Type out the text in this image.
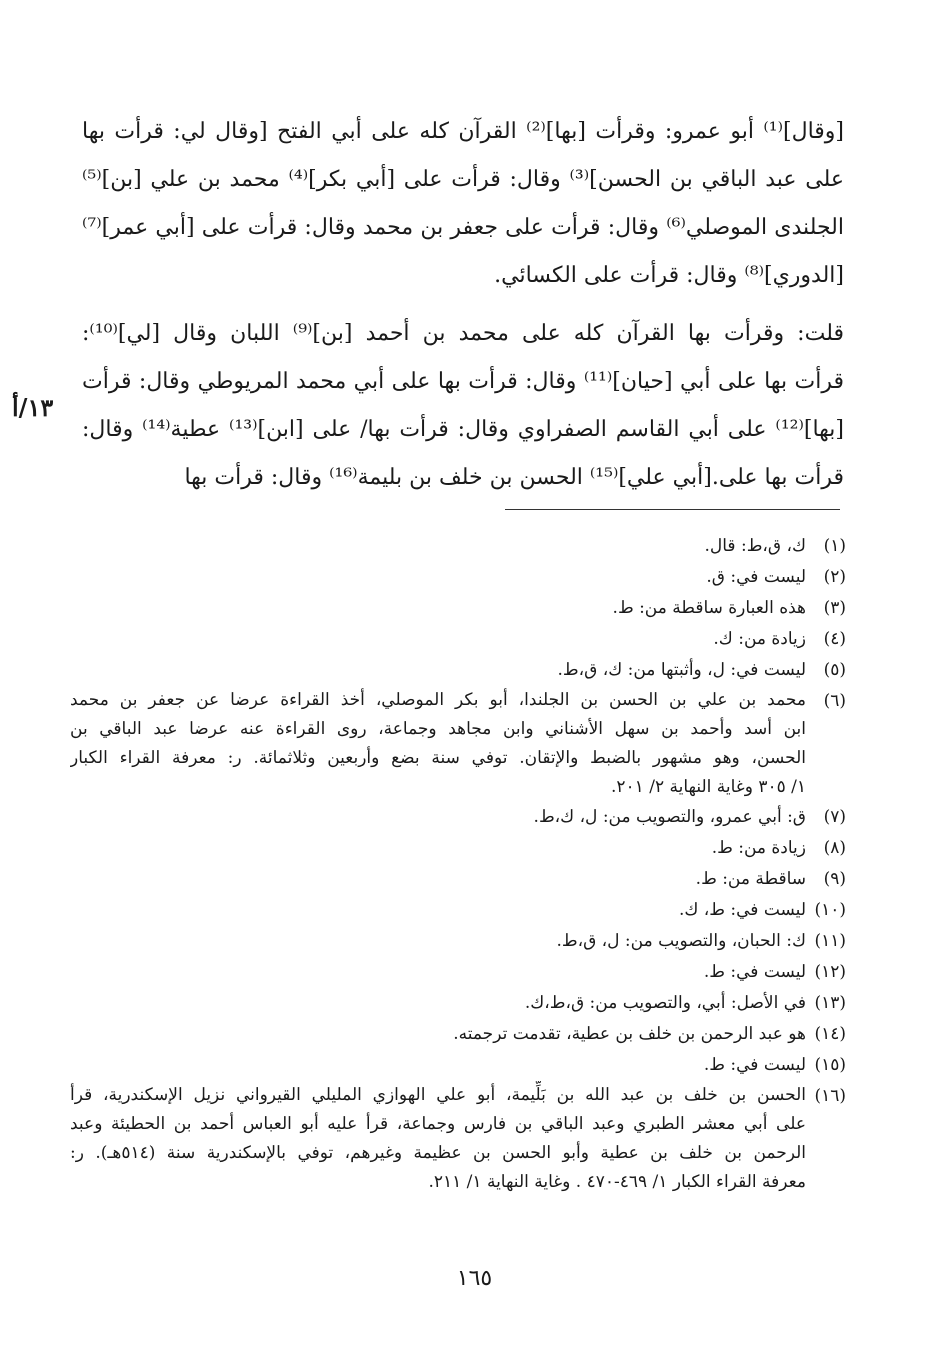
[وقال]⁽¹⁾ أبو عمرو: وقرأت [بها]⁽²⁾ القرآن كله على أبي الفتح [وقال لي: قرأت بها
على عبد الباقي بن الحسن]⁽³⁾ وقال: قرأت على [أبي بكر]⁽⁴⁾ محمد بن علي [بن]⁽⁵⁾
الجلندى الموصلي⁽⁶⁾ وقال: قرأت على جعفر بن محمد وقال: قرأت على [أبي عمر]⁽⁷⁾
[الدوري]⁽⁸⁾ وقال: قرأت على الكسائي.

قلت: وقرأت بها القرآن كله على محمد بن أحمد [بن]⁽⁹⁾ اللبان وقال [لي]⁽¹⁰⁾:
قرأت بها على أبي [حيان]⁽¹¹⁾ وقال: قرأت بها على أبي محمد المريوطي وقال: قرأت
[بها]⁽¹²⁾ على أبي القاسم الصفراوي وقال: قرأت بها/ على [ابن]⁽¹³⁾ عطية⁽¹⁴⁾ وقال:
قرأت بها على.[أبي علي]⁽¹⁵⁾ الحسن بن خلف بن بليمة⁽¹⁶⁾ وقال: قرأت بها

١٣/أ
(١)
ك، ق،ط: قال.
(٢)
ليست في: ق.
(٣)
هذه العبارة ساقطة من: ط.
(٤)
زيادة من: ك.
(٥)
ليست في: ل، وأثبتها من: ك، ق،ط.
(٦)
محمد بن علي بن الحسن بن الجلندا، أبو بكر الموصلي، أخذ القراءة عرضا عن جعفر بن محمد
ابن أسد وأحمد بن سهل الأشناني وابن مجاهد وجماعة، روى القراءة عنه عرضا عبد الباقي بن
الحسن، وهو مشهور بالضبط والإتقان. توفي سنة بضع وأربعين وثلاثمائة. ر: معرفة القراء الكبار
١/ ٣٠٥ وغاية النهاية ٢/ ٢٠١.
(٧)
ق: أبي عمرو، والتصويب من: ل، ك،ط.
(٨)
زيادة من: ط.
(٩)
ساقطة من: ط.
(١٠)
ليست في: ط، ك.
(١١)
ك: الحبان، والتصويب من: ل، ق،ط.
(١٢)
ليست في: ط.
(١٣)
في الأصل: أبي، والتصويب من: ق،ط،ك.
(١٤)
هو عبد الرحمن بن خلف بن عطية، تقدمت ترجمته.
(١٥)
ليست في: ط.
(١٦)
الحسن بن خلف بن عبد الله بن بَلِّيمة، أبو علي الهوازي المليلي القيرواني نزيل الإسكندرية، قرأ
على أبي معشر الطبري وعبد الباقي بن فارس وجماعة، قرأ عليه أبو العباس أحمد بن الحطيئة وعبد
الرحمن بن خلف بن عطية وأبو الحسن بن عظيمة وغيرهم، توفي بالإسكندرية سنة (٥١٤هـ). ر:
معرفة القراء الكبار ١/ ٤٦٩-٤٧٠ . وغاية النهاية ١/ ٢١١.
١٦٥
